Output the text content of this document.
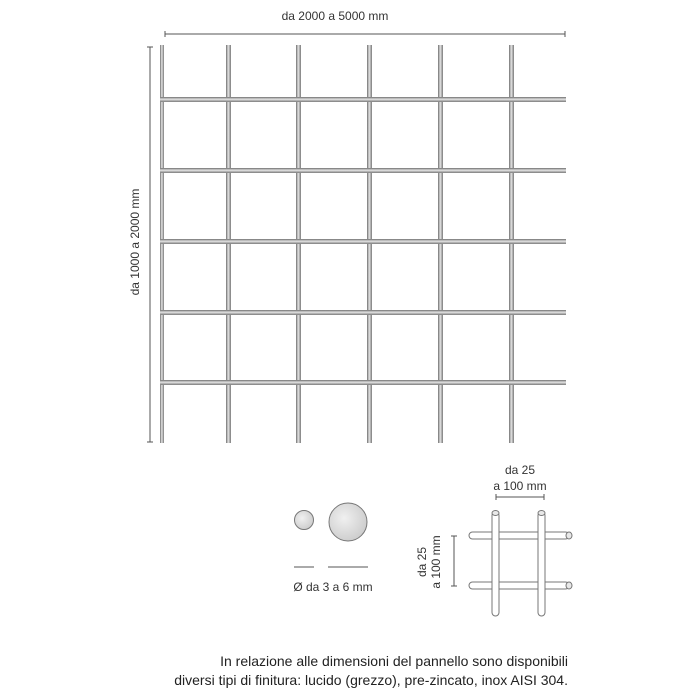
da 2000 a 5000 mm
da 1000 a 2000 mm
da 25
a 100 mm
da 25 a 100 mm
Ø da 3 a 6 mm
In relazione alle dimensioni del pannello sono disponibili
diversi tipi di finitura: lucido (grezzo), pre-zincato, inox AISI 304.
